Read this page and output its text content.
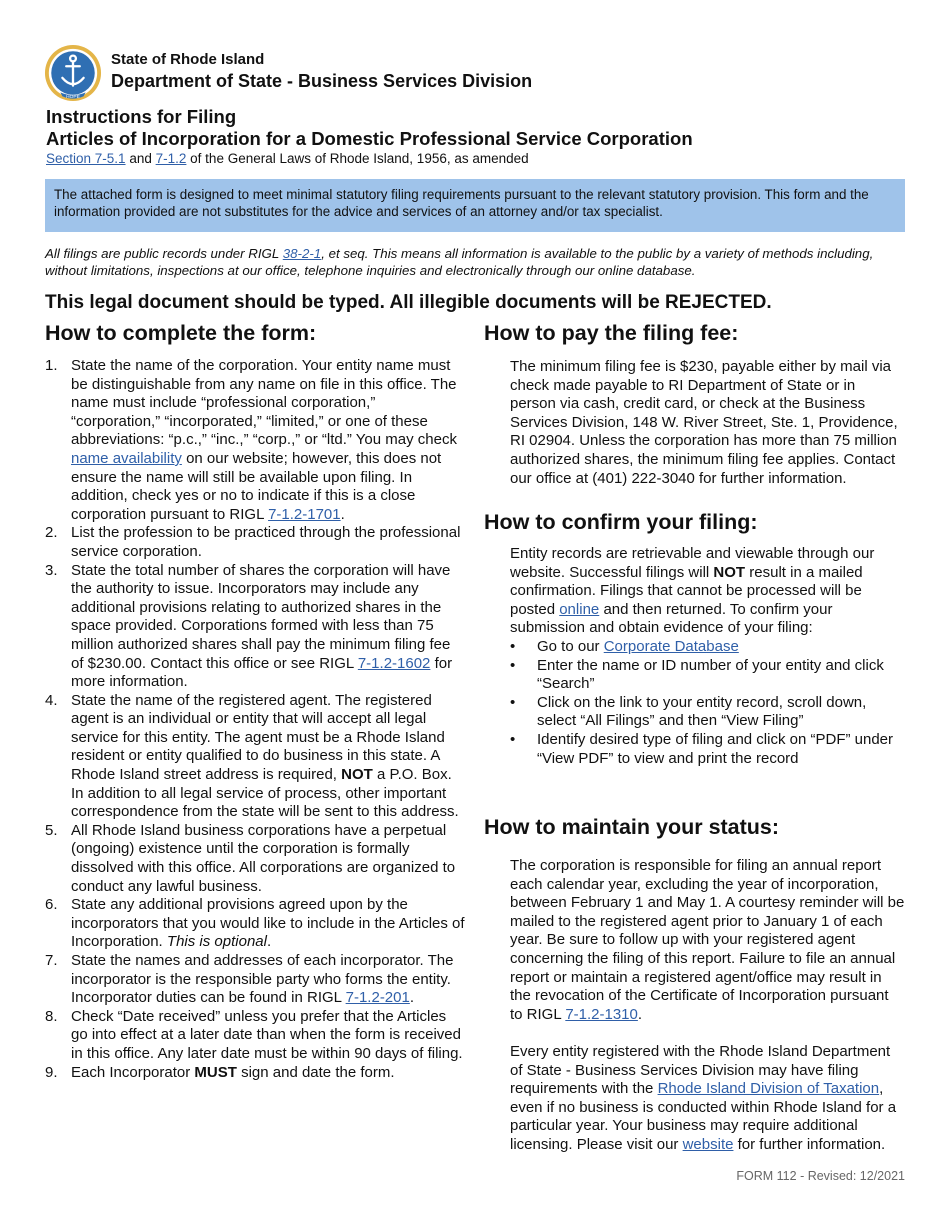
HOPE
State of Rhode Island
Department of State - Business Services Division
Instructions for Filing
Articles of Incorporation for a Domestic Professional Service Corporation
Section 7-5.1 and 7-1.2 of the General Laws of Rhode Island, 1956, as amended
The attached form is designed to meet minimal statutory filing requirements pursuant to the relevant statutory provision. This form and the information provided are not substitutes for the advice and services of an attorney and/or tax specialist.
All filings are public records under RIGL 38-2-1, et seq. This means all information is available to the public by a variety of methods including, without limitations, inspections at our office, telephone inquiries and electronically through our online database.
This legal document should be typed. All illegible documents will be REJECTED.
How to complete the form:
1. State the name of the corporation. Your entity name must be distinguishable from any name on file in this office. The name must include “professional corporation,” “corporation,” “incorporated,” “limited,” or one of these abbreviations: “p.c.,” “inc.,” “corp.,” or “ltd.” You may check name availability on our website; however, this does not ensure the name will still be available upon filing. In addition, check yes or no to indicate if this is a close corporation pursuant to RIGL 7-1.2-1701.
2. List the profession to be practiced through the professional service corporation.
3. State the total number of shares the corporation will have the authority to issue. Incorporators may include any additional provisions relating to authorized shares in the space provided. Corporations formed with less than 75 million authorized shares shall pay the minimum filing fee of $230.00. Contact this office or see RIGL 7-1.2-1602 for more information.
4. State the name of the registered agent. The registered agent is an individual or entity that will accept all legal service for this entity. The agent must be a Rhode Island resident or entity qualified to do business in this state. A Rhode Island street address is required, NOT a P.O. Box. In addition to all legal service of process, other important correspondence from the state will be sent to this address.
5. All Rhode Island business corporations have a perpetual (ongoing) existence until the corporation is formally dissolved with this office. All corporations are organized to conduct any lawful business.
6. State any additional provisions agreed upon by the incorporators that you would like to include in the Articles of Incorporation. This is optional.
7. State the names and addresses of each incorporator. The incorporator is the responsible party who forms the entity. Incorporator duties can be found in RIGL 7-1.2-201.
8. Check “Date received” unless you prefer that the Articles go into effect at a later date than when the form is received in this office. Any later date must be within 90 days of filing.
9. Each Incorporator MUST sign and date the form.
How to pay the filing fee:
The minimum filing fee is $230, payable either by mail via check made payable to RI Department of State or in person via cash, credit card, or check at the Business Services Division, 148 W. River Street, Ste. 1, Providence, RI 02904. Unless the corporation has more than 75 million authorized shares, the minimum filing fee applies. Contact our office at (401) 222-3040 for further information.
How to confirm your filing:
Entity records are retrievable and viewable through our website. Successful filings will NOT result in a mailed confirmation. Filings that cannot be processed will be posted online and then returned. To confirm your submission and obtain evidence of your filing:
• Go to our Corporate Database
• Enter the name or ID number of your entity and click “Search”
• Click on the link to your entity record, scroll down, select “All Filings” and then “View Filing”
• Identify desired type of filing and click on “PDF” under “View PDF” to view and print the record
How to maintain your status:
The corporation is responsible for filing an annual report each calendar year, excluding the year of incorporation, between February 1 and May 1. A courtesy reminder will be mailed to the registered agent prior to January 1 of each year. Be sure to follow up with your registered agent concerning the filing of this report. Failure to file an annual report or maintain a registered agent/office may result in the revocation of the Certificate of Incorporation pursuant to RIGL 7-1.2-1310.
Every entity registered with the Rhode Island Department of State - Business Services Division may have filing requirements with the Rhode Island Division of Taxation, even if no business is conducted within Rhode Island for a particular year. Your business may require additional licensing. Please visit our website for further information.
FORM 112 - Revised: 12/2021
